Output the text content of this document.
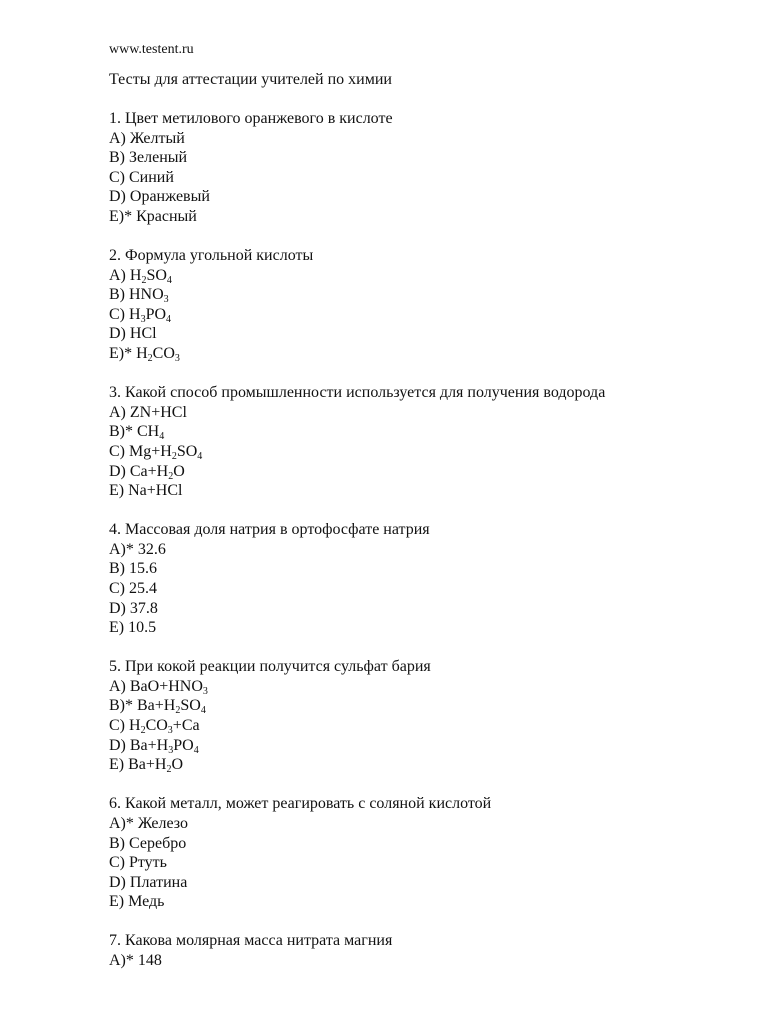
www.testent.ru
Тесты для аттестации учителей по химии
1. Цвет метилового оранжевого в кислоте
A) Желтый
B) Зеленый
C) Синий
D) Оранжевый
E)* Красный
2. Формула угольной кислоты
A) $H_2SO_4$
B) $HNO_3$
C) $H_3PO_4$
D) HCl
E)* $H_2CO_3$
3. Какой способ промышленности используется для получения водорода
A) ZN+HCl
B)* $CH_4$
C) $Mg+H_2SO_4$
D) $Ca+H_2O$
E) Na+HCl
4. Массовая доля натрия в ортофосфате натрия
A)* 32.6
B) 15.6
C) 25.4
D) 37.8
E) 10.5
5. При кокой реакции получится сульфат бария
A) $BaO+HNO_3$
B)* $Ba+H_2SO_4$
C) $H_2CO_3+Ca$
D) $Ba+H_3PO_4$
E) $Ba+H_2O$
6. Какой металл, может реагировать с соляной кислотой
A)* Железо
B) Серебро
C) Ртуть
D) Платина
E) Медь
7. Какова молярная масса нитрата магния
A)* 148
